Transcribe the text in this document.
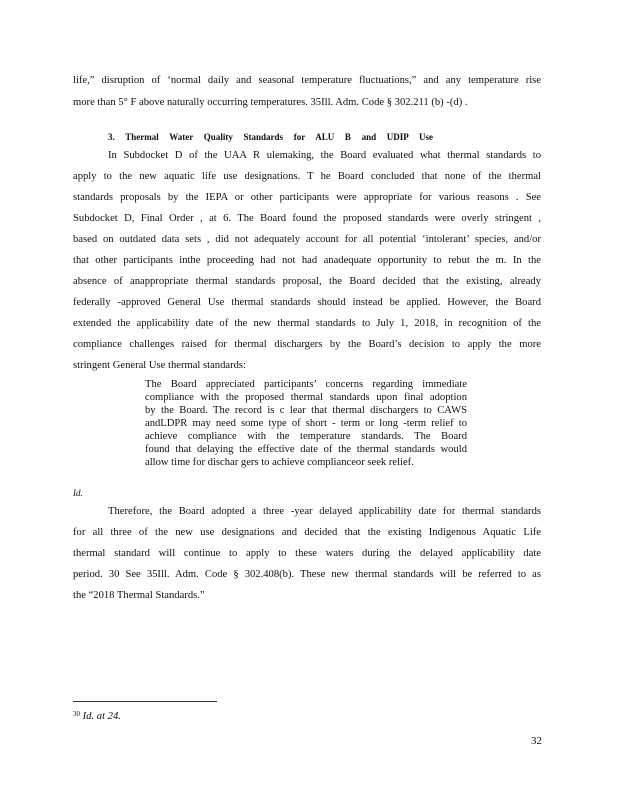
life,” disruption of ‘normal daily and seasonal temperature fluctuations,” and any temperature rise
more than 5° F above naturally occurring temperatures. 35Ill. Adm. Code § 302.211 (b) -(d) .
3. Thermal Water Quality Standards for ALU B and UDIP Use
In Subdocket D of the UAA R ulemaking, the Board evaluated what thermal standards to
apply to the new aquatic life use designations. T he Board concluded that none of the thermal
standards proposals by the IEPA or other participants were appropriate for various reasons . See
Subdocket D, Final Order , at 6. The Board found the proposed standards were overly stringent ,
based on outdated data sets , did not adequately account for all potential ‘intolerant’ species, and/or
that other participants inthe proceeding had not had anadequate opportunity to rebut the m. In the
absence of anappropriate thermal standards proposal, the Board decided that the existing, already
federally -approved General Use thermal standards should instead be applied. However, the Board
extended the applicability date of the new thermal standards to July 1, 2018, in recognition of the
compliance challenges raised for thermal dischargers by the Board’s decision to apply the more
stringent General Use thermal standards:
The Board appreciated participants’ concerns regarding immediate
compliance with the proposed thermal standards upon final adoption
by the Board. The record is c lear that thermal dischargers to CAWS
andLDPR may need some type of short - term or long -term relief to
achieve compliance with the temperature standards. The Board
found that delaying the effective date of the thermal standards would
allow time for dischar gers to achieve complianceor seek relief.
Id.
Therefore, the Board adopted a three -year delayed applicability date for thermal standards
for all three of the new use designations and decided that the existing Indigenous Aquatic Life
thermal standard will continue to apply to these waters during the delayed applicability date
period. 30 See 35Ill. Adm. Code § 302.408(b). These new thermal standards will be referred to as
the “2018 Thermal Standards.”
$^{30}$ Id. at 24.
32
